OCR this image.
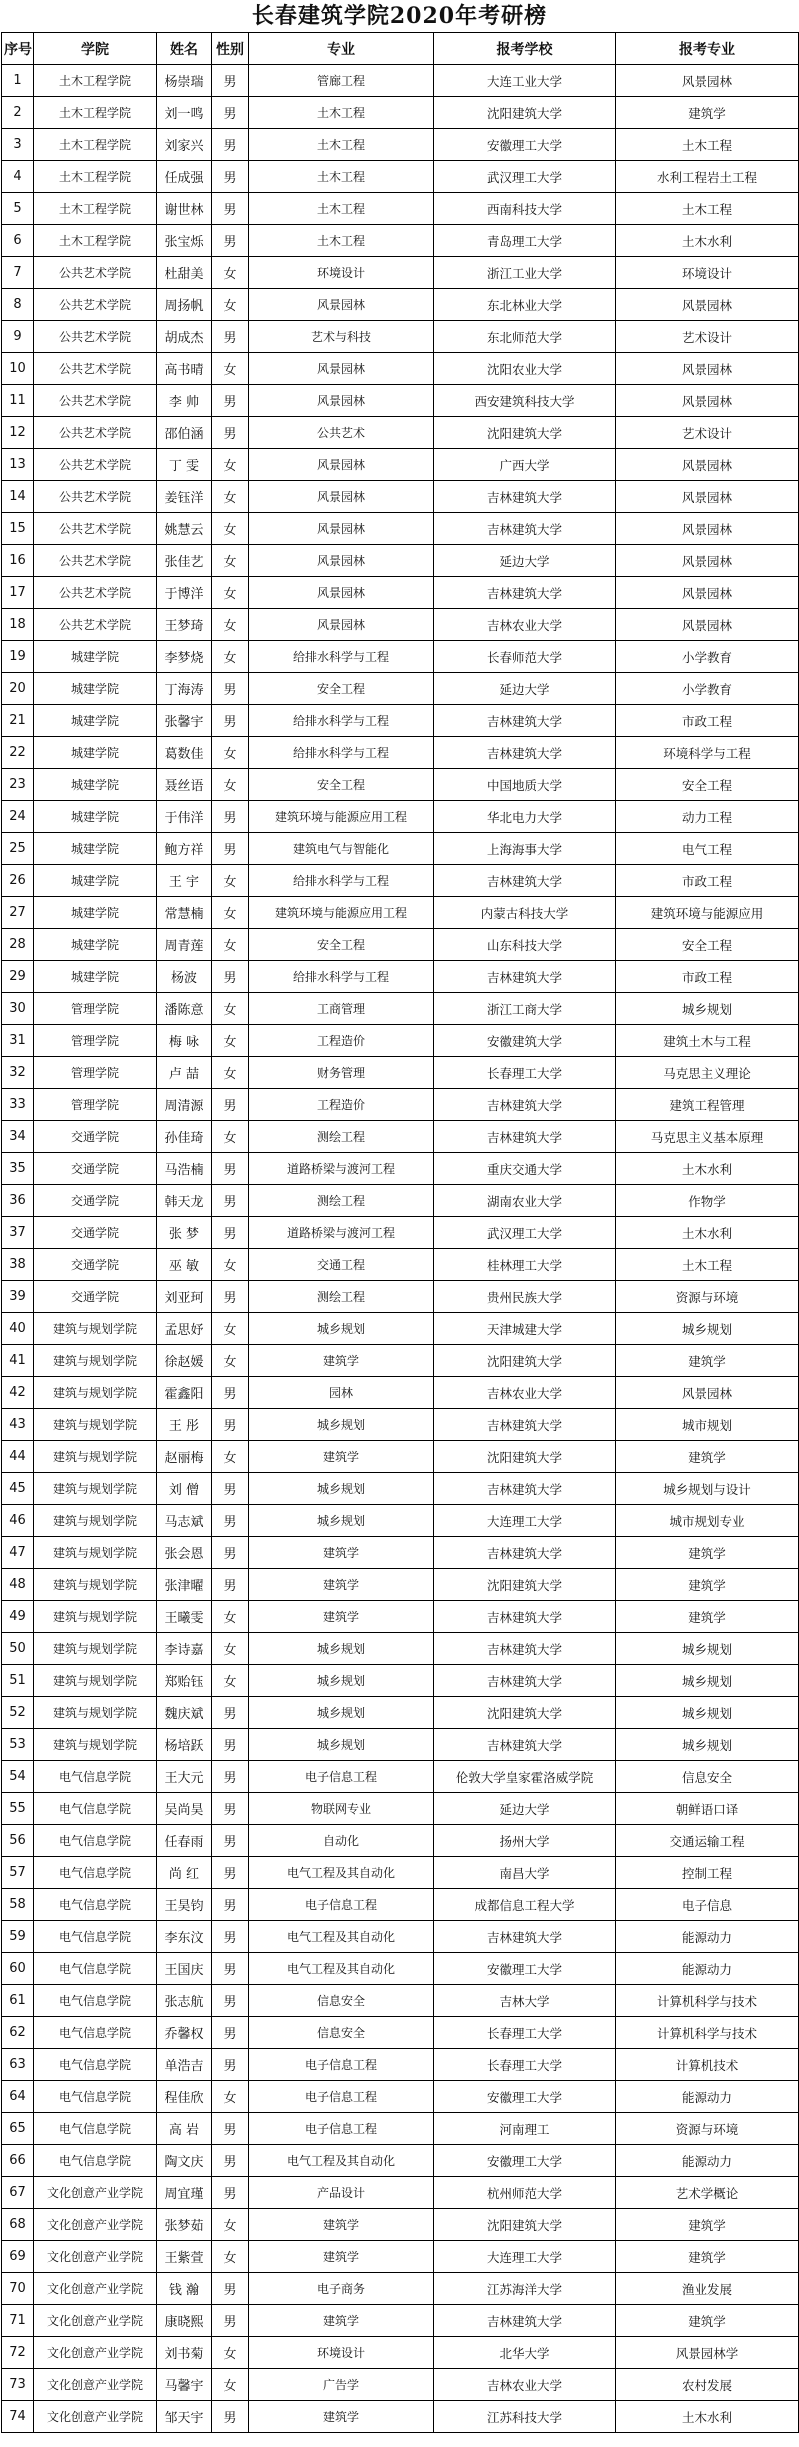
长春建筑学院2020年考研榜
序号	学院	姓名	性别	专业	报考学校	报考专业
1	土木工程学院	杨崇瑞	男	管廊工程	大连工业大学	风景园林
2	土木工程学院	刘一鸣	男	土木工程	沈阳建筑大学	建筑学
3	土木工程学院	刘家兴	男	土木工程	安徽理工大学	土木工程
4	土木工程学院	任成强	男	土木工程	武汉理工大学	水利工程岩土工程
5	土木工程学院	谢世林	男	土木工程	西南科技大学	土木工程
6	土木工程学院	张宝烁	男	土木工程	青岛理工大学	土木水利
7	公共艺术学院	杜甜美	女	环境设计	浙江工业大学	环境设计
8	公共艺术学院	周扬帆	女	风景园林	东北林业大学	风景园林
9	公共艺术学院	胡成杰	男	艺术与科技	东北师范大学	艺术设计
10	公共艺术学院	高书晴	女	风景园林	沈阳农业大学	风景园林
11	公共艺术学院	李 帅	男	风景园林	西安建筑科技大学	风景园林
12	公共艺术学院	邵伯涵	男	公共艺术	沈阳建筑大学	艺术设计
13	公共艺术学院	丁 雯	女	风景园林	广西大学	风景园林
14	公共艺术学院	姜钰洋	女	风景园林	吉林建筑大学	风景园林
15	公共艺术学院	姚慧云	女	风景园林	吉林建筑大学	风景园林
16	公共艺术学院	张佳艺	女	风景园林	延边大学	风景园林
17	公共艺术学院	于博洋	女	风景园林	吉林建筑大学	风景园林
18	公共艺术学院	王梦琦	女	风景园林	吉林农业大学	风景园林
19	城建学院	李梦烧	女	给排水科学与工程	长春师范大学	小学教育
20	城建学院	丁海涛	男	安全工程	延边大学	小学教育
21	城建学院	张馨宇	男	给排水科学与工程	吉林建筑大学	市政工程
22	城建学院	葛数佳	女	给排水科学与工程	吉林建筑大学	环境科学与工程
23	城建学院	聂丝语	女	安全工程	中国地质大学	安全工程
24	城建学院	于伟洋	男	建筑环境与能源应用工程	华北电力大学	动力工程
25	城建学院	鲍方祥	男	建筑电气与智能化	上海海事大学	电气工程
26	城建学院	王 宇	女	给排水科学与工程	吉林建筑大学	市政工程
27	城建学院	常慧楠	女	建筑环境与能源应用工程	内蒙古科技大学	建筑环境与能源应用
28	城建学院	周青莲	女	安全工程	山东科技大学	安全工程
29	城建学院	杨波	男	给排水科学与工程	吉林建筑大学	市政工程
30	管理学院	潘陈意	女	工商管理	浙江工商大学	城乡规划
31	管理学院	梅 咏	女	工程造价	安徽建筑大学	建筑土木与工程
32	管理学院	卢 喆	女	财务管理	长春理工大学	马克思主义理论
33	管理学院	周清源	男	工程造价	吉林建筑大学	建筑工程管理
34	交通学院	孙佳琦	女	测绘工程	吉林建筑大学	马克思主义基本原理
35	交通学院	马浩楠	男	道路桥梁与渡河工程	重庆交通大学	土木水利
36	交通学院	韩天龙	男	测绘工程	湖南农业大学	作物学
37	交通学院	张 梦	男	道路桥梁与渡河工程	武汉理工大学	土木水利
38	交通学院	巫 敏	女	交通工程	桂林理工大学	土木工程
39	交通学院	刘亚珂	男	测绘工程	贵州民族大学	资源与环境
40	建筑与规划学院	孟思妤	女	城乡规划	天津城建大学	城乡规划
41	建筑与规划学院	徐赵媛	女	建筑学	沈阳建筑大学	建筑学
42	建筑与规划学院	霍鑫阳	男	园林	吉林农业大学	风景园林
43	建筑与规划学院	王 彤	男	城乡规划	吉林建筑大学	城市规划
44	建筑与规划学院	赵丽梅	女	建筑学	沈阳建筑大学	建筑学
45	建筑与规划学院	刘 僧	男	城乡规划	吉林建筑大学	城乡规划与设计
46	建筑与规划学院	马志斌	男	城乡规划	大连理工大学	城市规划专业
47	建筑与规划学院	张会恩	男	建筑学	吉林建筑大学	建筑学
48	建筑与规划学院	张津曜	男	建筑学	沈阳建筑大学	建筑学
49	建筑与规划学院	王曦雯	女	建筑学	吉林建筑大学	建筑学
50	建筑与规划学院	李诗嘉	女	城乡规划	吉林建筑大学	城乡规划
51	建筑与规划学院	郑贻钰	女	城乡规划	吉林建筑大学	城乡规划
52	建筑与规划学院	魏庆斌	男	城乡规划	沈阳建筑大学	城乡规划
53	建筑与规划学院	杨培跃	男	城乡规划	吉林建筑大学	城乡规划
54	电气信息学院	王大元	男	电子信息工程	伦敦大学皇家霍洛威学院	信息安全
55	电气信息学院	吴尚昊	男	物联网专业	延边大学	朝鲜语口译
56	电气信息学院	任春雨	男	自动化	扬州大学	交通运输工程
57	电气信息学院	尚 红	男	电气工程及其自动化	南昌大学	控制工程
58	电气信息学院	王昊钧	男	电子信息工程	成都信息工程大学	电子信息
59	电气信息学院	李东汶	男	电气工程及其自动化	吉林建筑大学	能源动力
60	电气信息学院	王国庆	男	电气工程及其自动化	安徽理工大学	能源动力
61	电气信息学院	张志航	男	信息安全	吉林大学	计算机科学与技术
62	电气信息学院	乔馨权	男	信息安全	长春理工大学	计算机科学与技术
63	电气信息学院	单浩吉	男	电子信息工程	长春理工大学	计算机技术
64	电气信息学院	程佳欣	女	电子信息工程	安徽理工大学	能源动力
65	电气信息学院	高 岩	男	电子信息工程	河南理工	资源与环境
66	电气信息学院	陶文庆	男	电气工程及其自动化	安徽理工大学	能源动力
67	文化创意产业学院	周宜瑾	男	产品设计	杭州师范大学	艺术学概论
68	文化创意产业学院	张梦茹	女	建筑学	沈阳建筑大学	建筑学
69	文化创意产业学院	王紫萱	女	建筑学	大连理工大学	建筑学
70	文化创意产业学院	钱 瀚	男	电子商务	江苏海洋大学	渔业发展
71	文化创意产业学院	康晓熙	男	建筑学	吉林建筑大学	建筑学
72	文化创意产业学院	刘书菊	女	环境设计	北华大学	风景园林学
73	文化创意产业学院	马馨宇	女	广告学	吉林农业大学	农村发展
74	文化创意产业学院	邹天宇	男	建筑学	江苏科技大学	土木水利
